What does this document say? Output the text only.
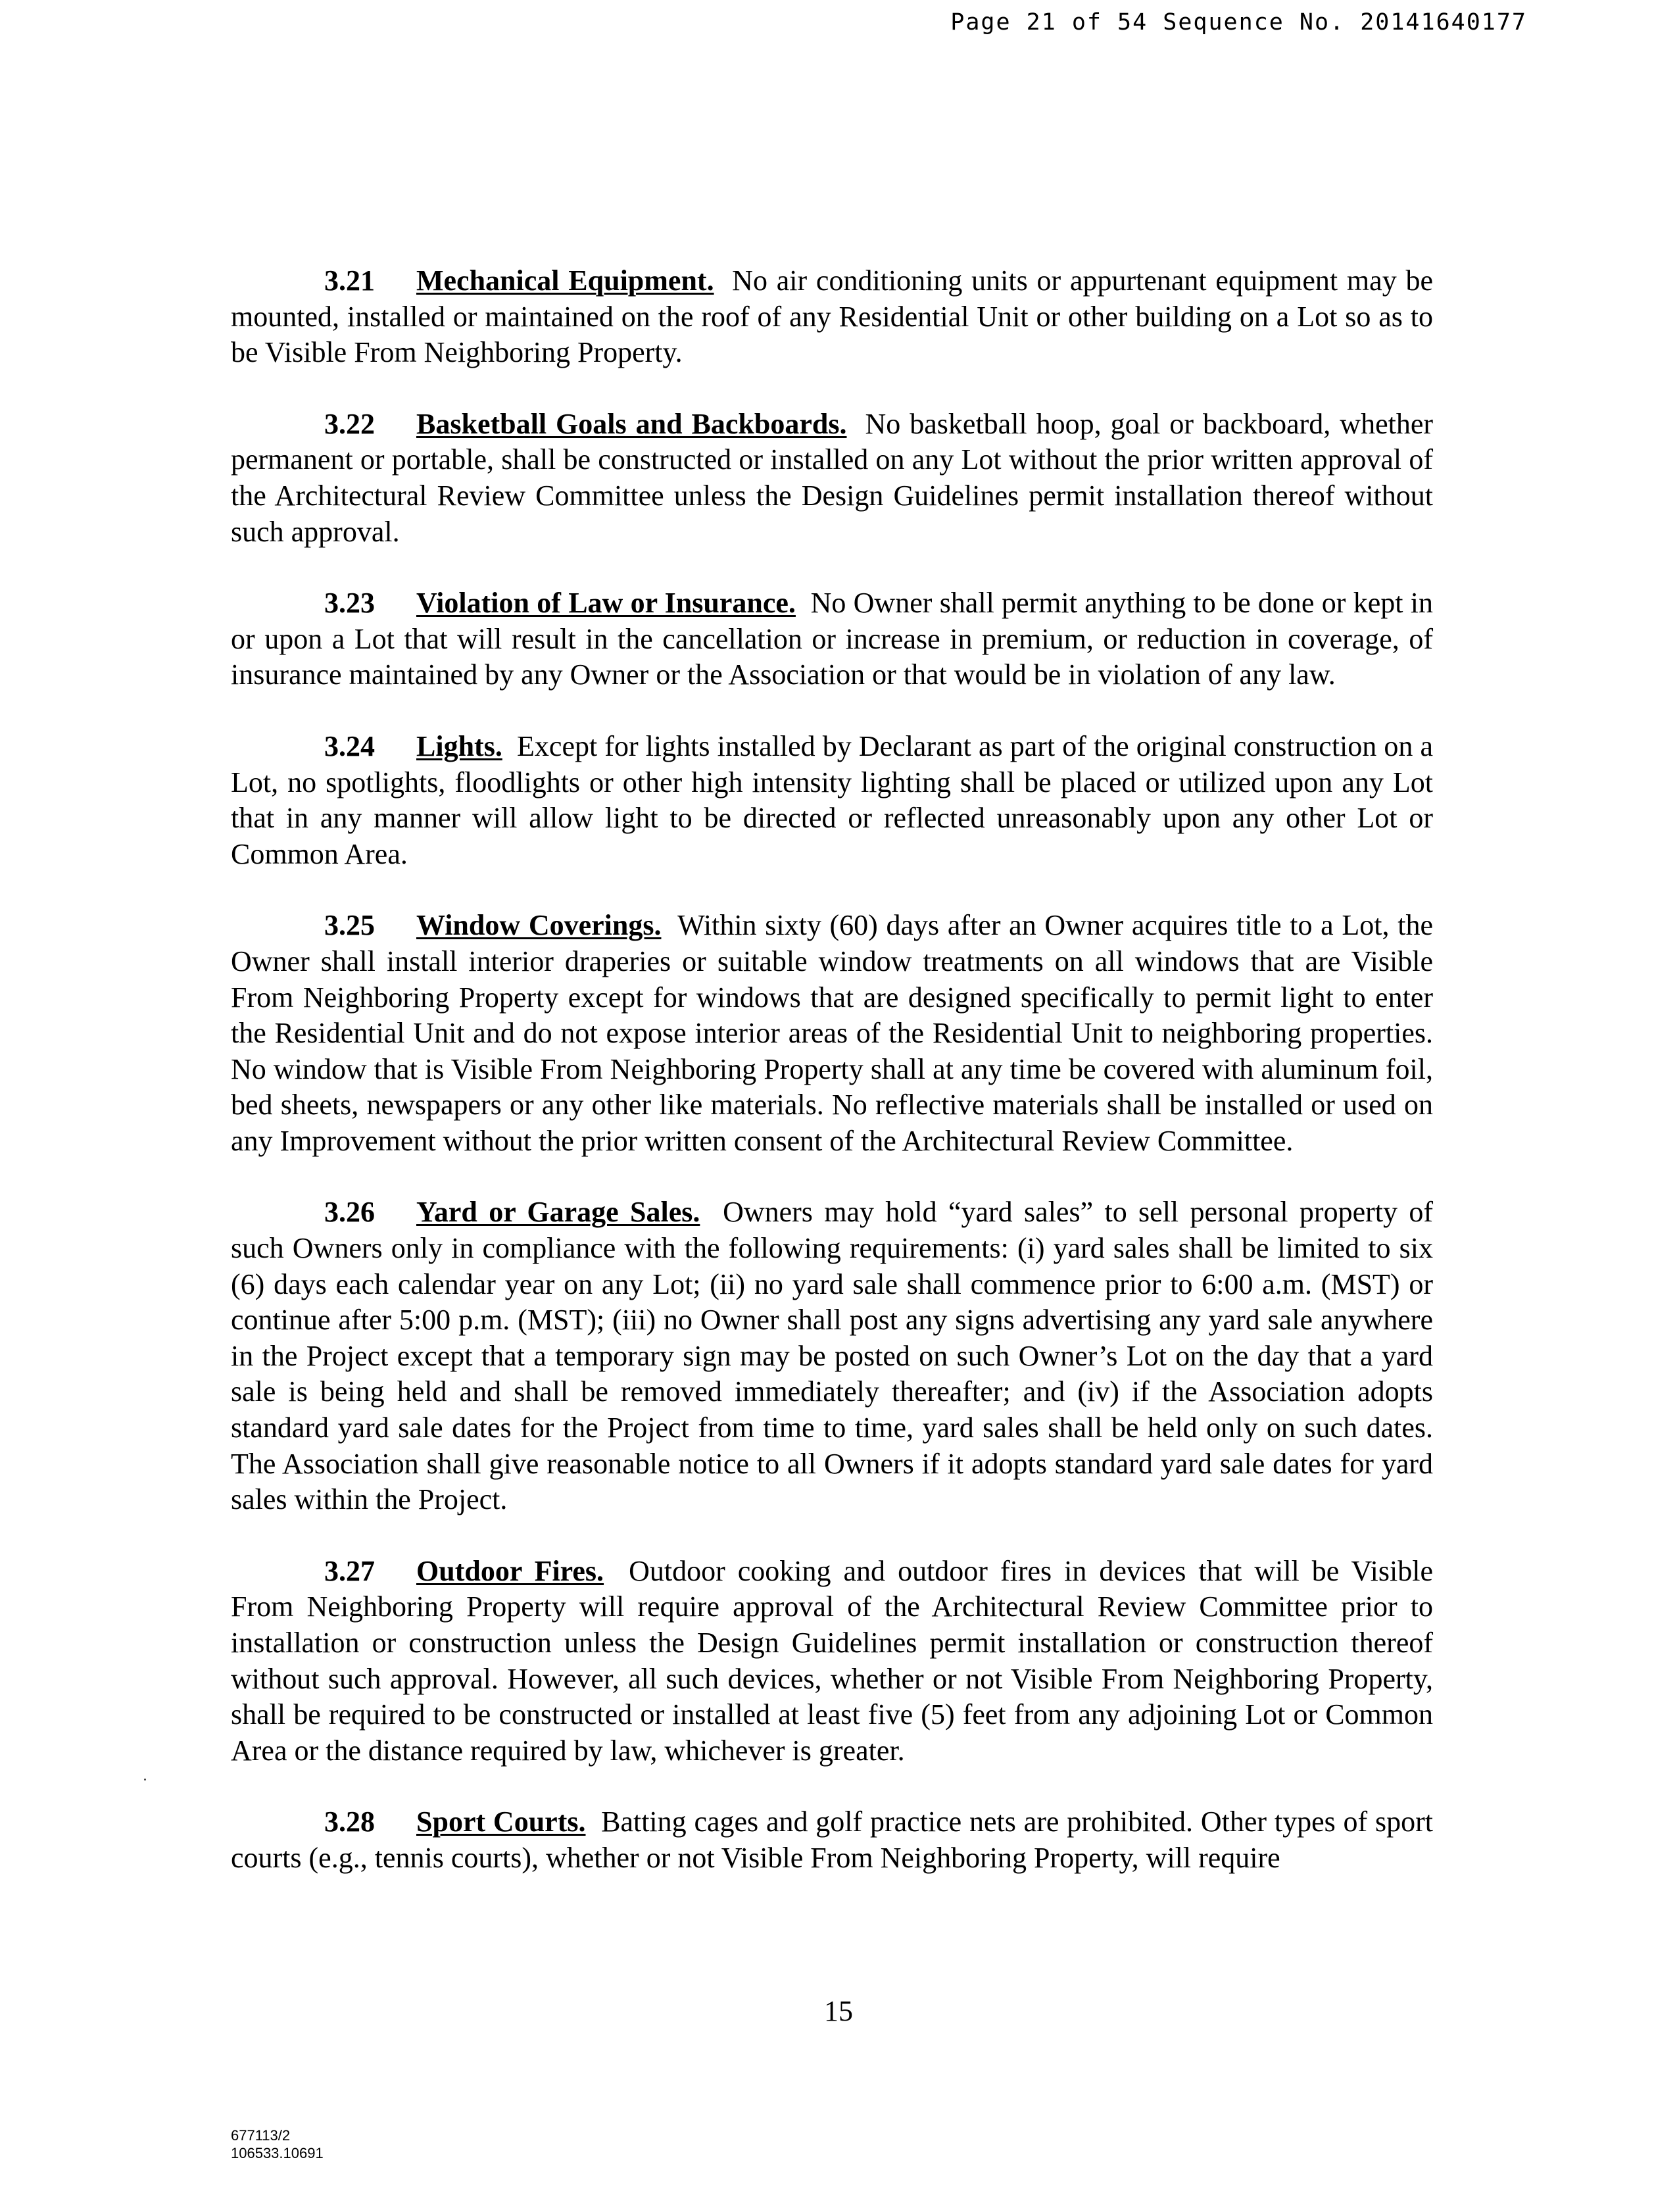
Page 21 of 54 Sequence No. 20141640177

3.21 Mechanical Equipment. No air conditioning units or appurtenant equipment may be mounted, installed or maintained on the roof of any Residential Unit or other building on a Lot so as to be Visible From Neighboring Property.

3.22 Basketball Goals and Backboards. No basketball hoop, goal or backboard, whether permanent or portable, shall be constructed or installed on any Lot without the prior written approval of the Architectural Review Committee unless the Design Guidelines permit installation thereof without such approval.

3.23 Violation of Law or Insurance. No Owner shall permit anything to be done or kept in or upon a Lot that will result in the cancellation or increase in premium, or reduction in coverage, of insurance maintained by any Owner or the Association or that would be in violation of any law.

3.24 Lights. Except for lights installed by Declarant as part of the original construction on a Lot, no spotlights, floodlights or other high intensity lighting shall be placed or utilized upon any Lot that in any manner will allow light to be directed or reflected unreasonably upon any other Lot or Common Area.

3.25 Window Coverings. Within sixty (60) days after an Owner acquires title to a Lot, the Owner shall install interior draperies or suitable window treatments on all windows that are Visible From Neighboring Property except for windows that are designed specifically to permit light to enter the Residential Unit and do not expose interior areas of the Residential Unit to neighboring properties. No window that is Visible From Neighboring Property shall at any time be covered with aluminum foil, bed sheets, newspapers or any other like materials. No reflective materials shall be installed or used on any Improvement without the prior written consent of the Architectural Review Committee.

3.26 Yard or Garage Sales. Owners may hold “yard sales” to sell personal property of such Owners only in compliance with the following requirements: (i) yard sales shall be limited to six (6) days each calendar year on any Lot; (ii) no yard sale shall commence prior to 6:00 a.m. (MST) or continue after 5:00 p.m. (MST); (iii) no Owner shall post any signs advertising any yard sale anywhere in the Project except that a temporary sign may be posted on such Owner’s Lot on the day that a yard sale is being held and shall be removed immediately thereafter; and (iv) if the Association adopts standard yard sale dates for the Project from time to time, yard sales shall be held only on such dates. The Association shall give reasonable notice to all Owners if it adopts standard yard sale dates for yard sales within the Project.

3.27 Outdoor Fires. Outdoor cooking and outdoor fires in devices that will be Visible From Neighboring Property will require approval of the Architectural Review Committee prior to installation or construction unless the Design Guidelines permit installation or construction thereof without such approval. However, all such devices, whether or not Visible From Neighboring Property, shall be required to be constructed or installed at least five (5) feet from any adjoining Lot or Common Area or the distance required by law, whichever is greater.

3.28 Sport Courts. Batting cages and golf practice nets are prohibited. Other types of sport courts (e.g., tennis courts), whether or not Visible From Neighboring Property, will require

15
677113/2
106533.10691
